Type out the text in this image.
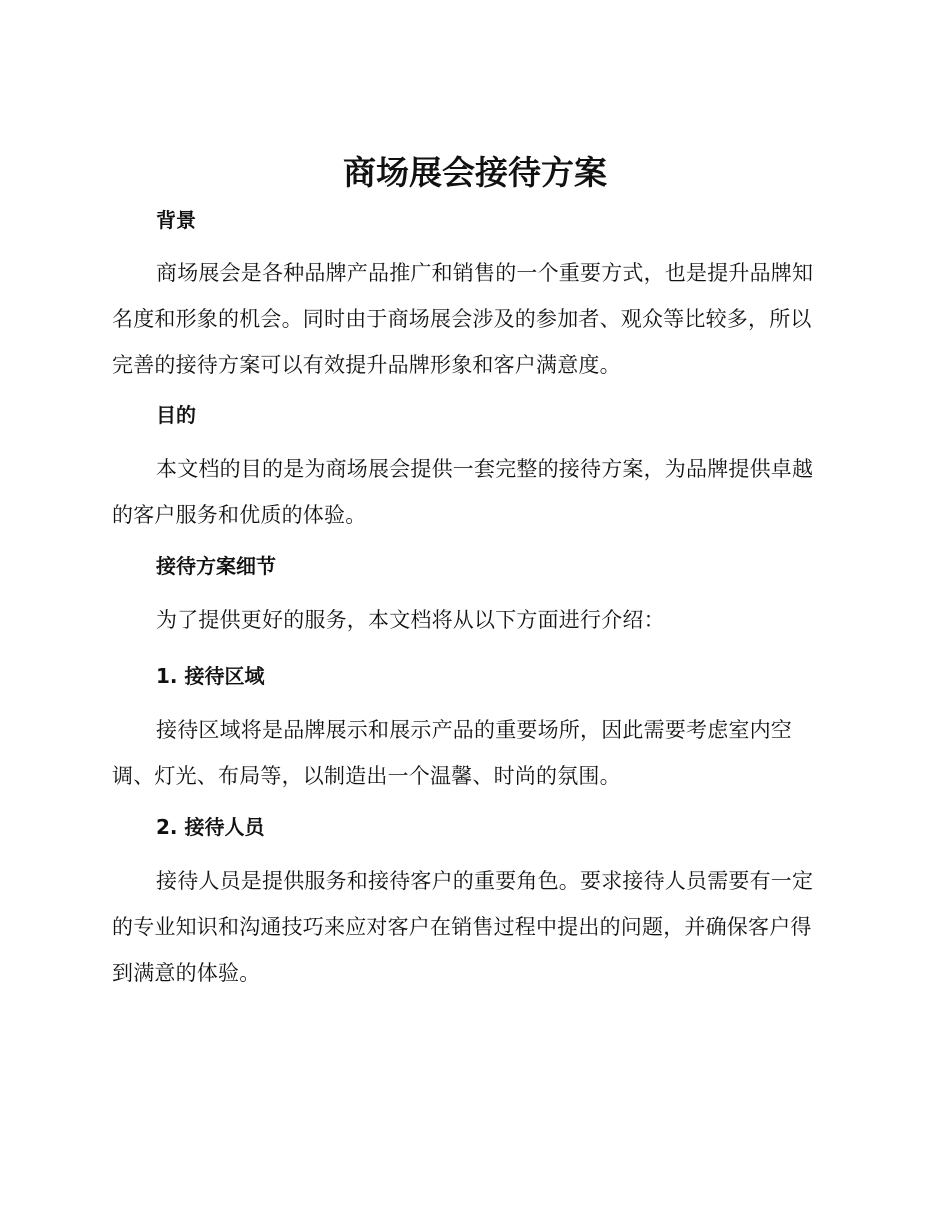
商场展会接待方案
背景

商场展会是各种品牌产品推广和销售的一个重要方式，也是提升品牌知名度和形象的机会。同时由于商场展会涉及的参加者、观众等比较多，所以完善的接待方案可以有效提升品牌形象和客户满意度。

目的

本文档的目的是为商场展会提供一套完整的接待方案，为品牌提供卓越的客户服务和优质的体验。

接待方案细节

为了提供更好的服务，本文档将从以下方面进行介绍：

1. 接待区域

接待区域将是品牌展示和展示产品的重要场所，因此需要考虑室内空调、灯光、布局等，以制造出一个温馨、时尚的氛围。

2. 接待人员

接待人员是提供服务和接待客户的重要角色。要求接待人员需要有一定的专业知识和沟通技巧来应对客户在销售过程中提出的问题，并确保客户得到满意的体验。
